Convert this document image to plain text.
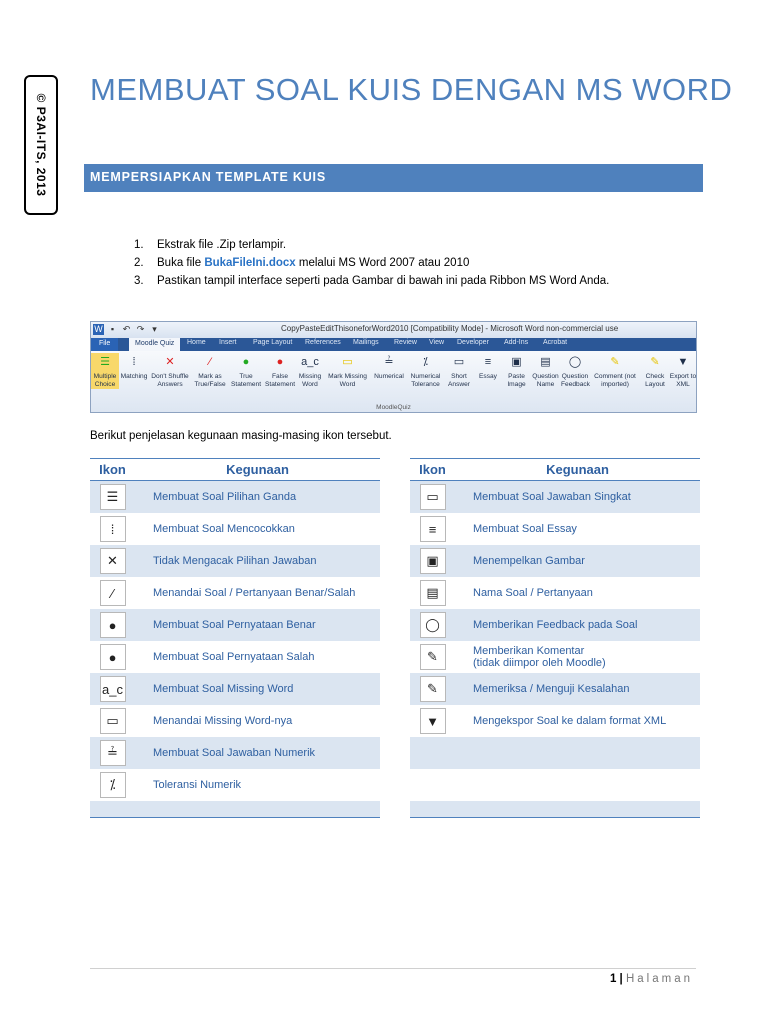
© P3AI-ITS, 2013
MEMBUAT SOAL KUIS DENGAN MS WORD
MEMPERSIAPKAN TEMPLATE KUIS
1. Ekstrak file .Zip terlampir.
2. Buka file BukaFileIni.docx melalui MS Word 2007 atau 2010
3. Pastikan tampil interface seperti pada Gambar di bawah ini pada Ribbon MS Word Anda.
W ▪ ↶ ↷ ▾	CopyPasteEditThisoneforWord2010 [Compatibility Mode] - Microsoft Word non-commercial use
File	Moodle Quiz	Home Insert Page Layout References Mailings Review View Developer Add-Ins Acrobat
MoodleQuiz
☰
Multiple Choice
⁞
Matching
✕
Don't Shuffle Answers
⁄
Mark as True/False
●
True Statement
●
False Statement
a_c
Missing Word
▭
Mark Missing Word
≟
Numerical
⁒
Numerical Tolerance
▭
Short Answer
≡
Essay
▣
Paste Image
▤
Question Name
◯
Question Feedback
✎
Comment (not imported)
✎
Check Layout
▼
Export to XML
Berikut penjelasan kegunaan masing-masing ikon tersebut.
Ikon	Kegunaan
☰	Membuat Soal Pilihan Ganda

⁞	Membuat Soal Mencocokkan

✕	Tidak Mengacak Pilihan Jawaban

⁄	Menandai Soal / Pertanyaan Benar/Salah

●	Membuat Soal Pernyataan Benar

●	Membuat Soal Pernyataan Salah

a_c	Membuat Soal Missing Word

▭	Menandai Missing Word-nya

≟	Membuat Soal Jawaban Numerik

⁒	Toleransi Numerik

Ikon	Kegunaan
▭	Membuat Soal Jawaban Singkat

≡	Membuat Soal Essay

▣	Menempelkan Gambar

▤	Nama Soal / Pertanyaan

◯	Memberikan Feedback pada Soal

✎	Memberikan Komentar
(tidak diimpor oleh Moodle)

✎	Memeriksa / Menguji Kesalahan

▼	Mengekspor Soal ke dalam format XML

1 | Halaman
